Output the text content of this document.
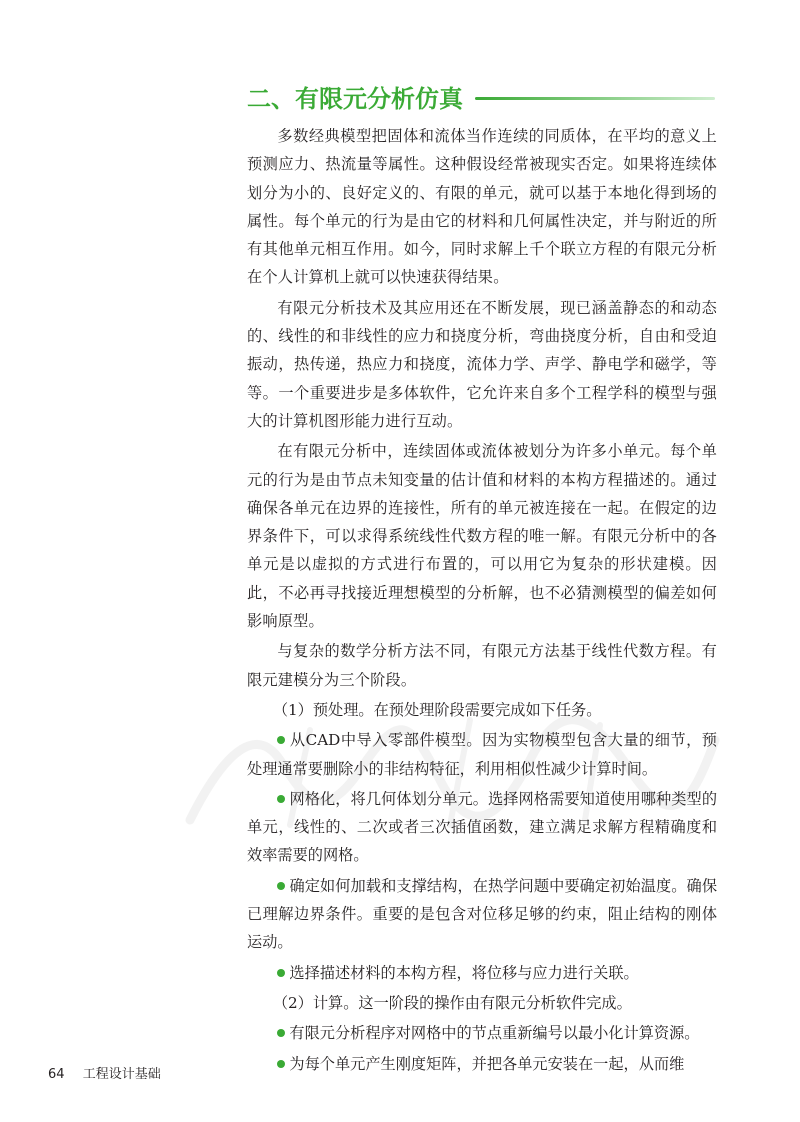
二、有限元分析仿真

多数经典模型把固体和流体当作连续的同质体，在平均的意义上预测应力、热流量等属性。这种假设经常被现实否定。如果将连续体划分为小的、良好定义的、有限的单元，就可以基于本地化得到场的属性。每个单元的行为是由它的材料和几何属性决定，并与附近的所有其他单元相互作用。如今，同时求解上千个联立方程的有限元分析在个人计算机上就可以快速获得结果。

有限元分析技术及其应用还在不断发展，现已涵盖静态的和动态的、线性的和非线性的应力和挠度分析，弯曲挠度分析，自由和受迫振动，热传递，热应力和挠度，流体力学、声学、静电学和磁学，等等。一个重要进步是多体软件，它允许来自多个工程学科的模型与强大的计算机图形能力进行互动。

在有限元分析中，连续固体或流体被划分为许多小单元。每个单元的行为是由节点未知变量的估计值和材料的本构方程描述的。通过确保各单元在边界的连接性，所有的单元被连接在一起。在假定的边界条件下，可以求得系统线性代数方程的唯一解。有限元分析中的各单元是以虚拟的方式进行布置的，可以用它为复杂的形状建模。因此，不必再寻找接近理想模型的分析解，也不必猜测模型的偏差如何影响原型。

与复杂的数学分析方法不同，有限元方法基于线性代数方程。有限元建模分为三个阶段。

（1）预处理。在预处理阶段需要完成如下任务。

从CAD中导入零部件模型。因为实物模型包含大量的细节，预处理通常要删除小的非结构特征，利用相似性减少计算时间。

网格化，将几何体划分单元。选择网格需要知道使用哪种类型的单元，线性的、二次或者三次插值函数，建立满足求解方程精确度和效率需要的网格。

确定如何加载和支撑结构，在热学问题中要确定初始温度。确保已理解边界条件。重要的是包含对位移足够的约束，阻止结构的刚体运动。

选择描述材料的本构方程，将位移与应力进行关联。

（2）计算。这一阶段的操作由有限元分析软件完成。

有限元分析程序对网格中的节点重新编号以最小化计算资源。

为每个单元产生刚度矩阵，并把各单元安装在一起，从而维

64 工程设计基础
